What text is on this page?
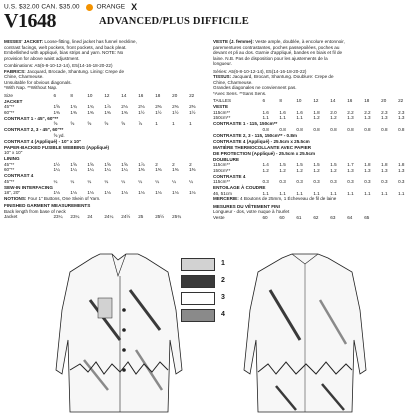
U.S. $32.00 CAN. $35.00	ORANGE X
V1648	ADVANCED/PLUS DIFFICILE
MISSES' JACKET: Loose-fitting, lined jacket has funnel neckline,
contrast facings, welt pockets, front pockets, and back pleat.
Embellished with appliqué, bias strips and yarn. NOTE: No
provision for above waist adjustment.
Combinations: A5(6-8-10-12-14), E5(14-16-18-20-22)
FABRICS: Jacquard, Brocade, Shantung. Lining: Crepe de
Chine, Charmeuse.
Unsuitable for obvious diagonals.
*With Nap. **Without Nap.
Size	6	8	10	12	14	16	18	20	22
JACKET
45"**	1⅝	1¾	1¾	1⅞	2⅛	2⅛	2⅜	2⅜	2⅜
60"**	1⅜	1⅜	1⅜	1⅜	1⅜	1½	1½	1½	1½
CONTRAST 1 - 45", 60"**
⅝	⅝	⅝	⅝	⅝	⅞	1	1	1
CONTRAST 2, 3 - 45", 60"**
⅝ yd.
CONTRAST 4 (Appliqué) - 10" x 10"
PAPER-BACKED FUSIBLE WEBBING (Appliqué)
10" x 10"
LINING
45"**	1½	1⅝	1⅝	1⅝	1⅝	1⅞	2	2	2
60"**	1¼	1¼	1¼	1¼	1¼	1⅜	1⅜	1⅜	1⅜
CONTRAST 4
45"**	¼	¼	¼	¼	¼	¼	¼	¼	¼
SEW-IN INTERFACING
18", 20"	1⅛	1⅛	1⅛	1⅛	1⅛	1⅛	1⅛	1⅛	1⅛
NOTIONS: Four 1" Buttons, One Skein of Yarn.
FINISHED GARMENT MEASUREMENTS
Back length from base of neck
Jacket	23¼	23¼	24	24¼	24½	25	25½	25¾
VESTE (J. femme): Veste ample, doublée, à encolure entonnoir,
parementures contrastantes, poches passepoilées, poches au
devant et pli au dos. Garnie d'appliqué, bandes en biais et fil de
laine. N.B. Pas de disposition pour les ajustements de la
longueur.
Séries: A5(6-8-10-12-14), E5(14-16-18-20-22)
TISSUS: Jacquard, Brocart, Shantung. Doublure: Crepe de
Chine, Charmeuse.
Grandes diagonales ne conviennent pas.
*Avec Sens. **Sans Sens.
TAILLES	6	8	10	12	14	16	18	20	22
VESTE
115cm**	1.6	1.6	1.6	1.8	2.0	2.2	2.2	2.3	2.3
150cm**	1.1	1.1	1.1	1.2	1.2	1.3	1.3	1.3	1.3
CONTRASTE 1 - 115, 150cm**
0.8	0.8	0.8	0.8	0.8	0.8	0.8	0.8	0.8
CONTRASTE 2, 3 - 115, 150cm** - 0.8m
CONTRASTE 4 (Appliqué) - 25.5cm x 25.5cm
MATIÈRE THERMOCOLLANTE AVEC PAPIER
DE PROTECTION (Appliqué) - 25.5cm x 25.5cm
DOUBLURE
115cm**	1.4	1.5	1.5	1.5	1.5	1.7	1.8	1.8	1.8
150cm**	1.2	1.2	1.2	1.2	1.2	1.3	1.3	1.3	1.3
CONTRASTE 4
115cm**	0.3	0.3	0.3	0.3	0.3	0.3	0.3	0.3	0.3
ENTOILAGE À COUDRE
46, 51cm	1.1	1.1	1.1	1.1	1.1	1.1	1.1	1.1	1.1
MERCERIE: 4 Boutons de 25mm, 1 Écheveau de fil de laine
MESURES DU VÊTEMENT FINI
Longueur - dos, votre nuque à l'ourlet
Veste	60	60	61	62	63	64	65
1
2
3
4
